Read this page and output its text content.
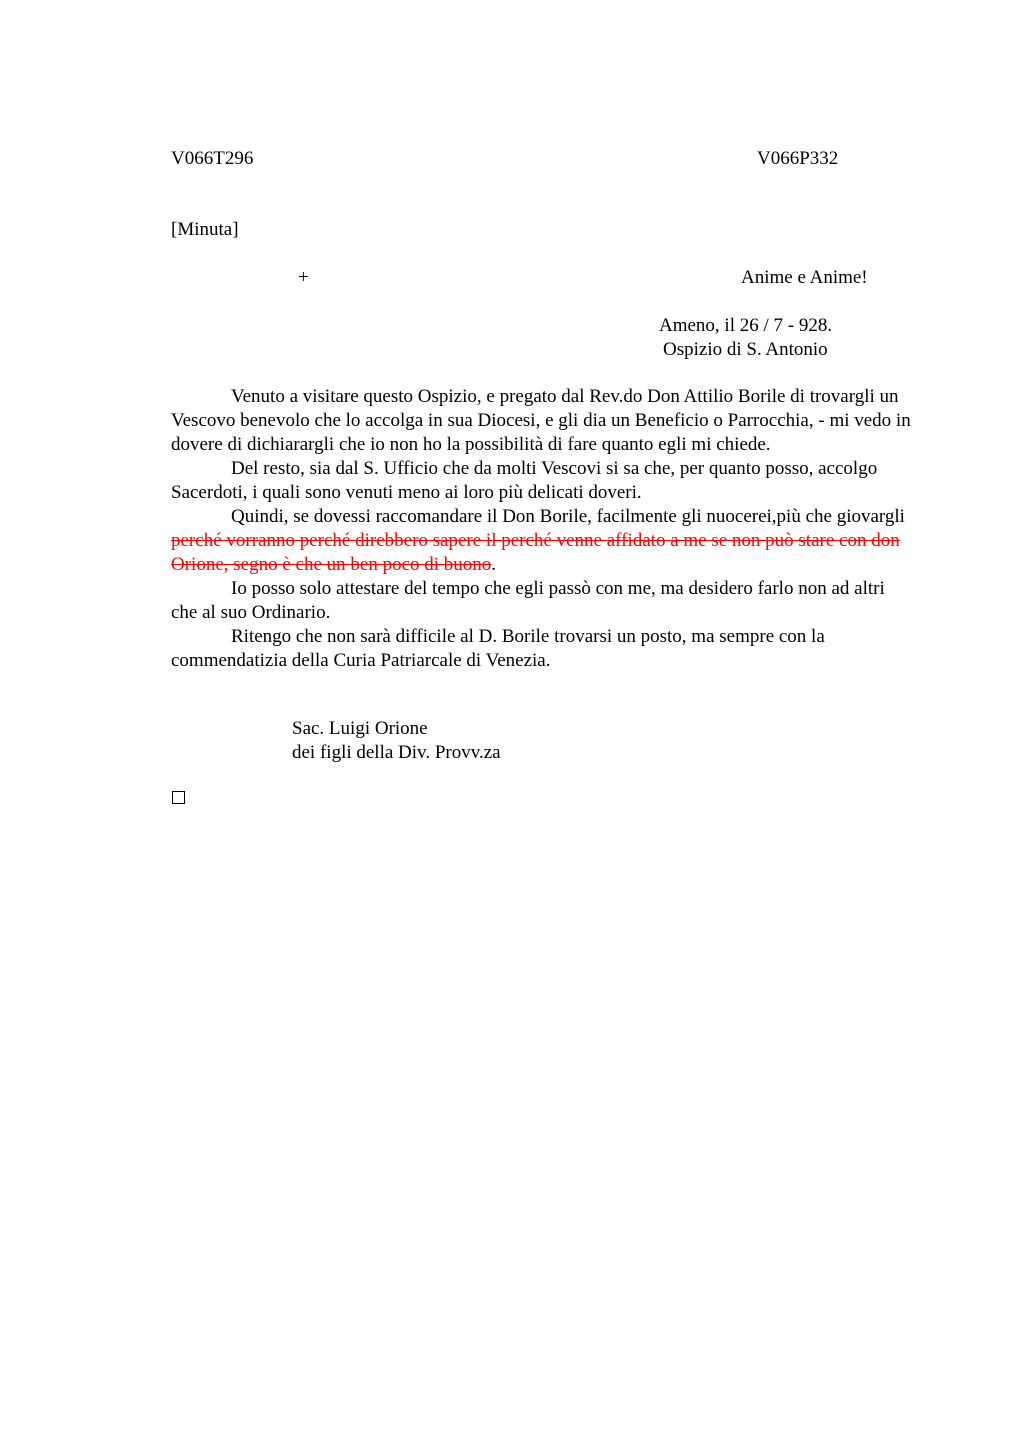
V066T296	V066P332
[Minuta]
+	Anime e Anime!
Ameno, il 26 / 7 - 928.
Ospizio di S. Antonio

Venuto a visitare questo Ospizio, e pregato dal Rev.do Don Attilio Borile di trovargli un Vescovo benevolo che lo accolga in sua Diocesi, e gli dia un Beneficio o Parrocchia, - mi vedo in dovere di dichiarargli che io non ho la possibilità di fare quanto egli mi chiede.

Del resto, sia dal S. Ufficio che da molti Vescovi si sa che, per quanto posso, accolgo Sacerdoti, i quali sono venuti meno ai loro più delicati doveri.

Quindi, se dovessi raccomandare il Don Borile, facilmente gli nuocerei,più che giovargli perché vorranno perché direbbero sapere il perché venne affidato a me se non può stare con don Orione, segno è che un ben poco di buono.

Io posso solo attestare del tempo che egli passò con me, ma desidero farlo non ad altri che al suo Ordinario.

Ritengo che non sarà difficile al D. Borile trovarsi un posto, ma sempre con la commendatizia della Curia Patriarcale di Venezia.

Sac. Luigi Orione
dei figli della Div. Provv.za
